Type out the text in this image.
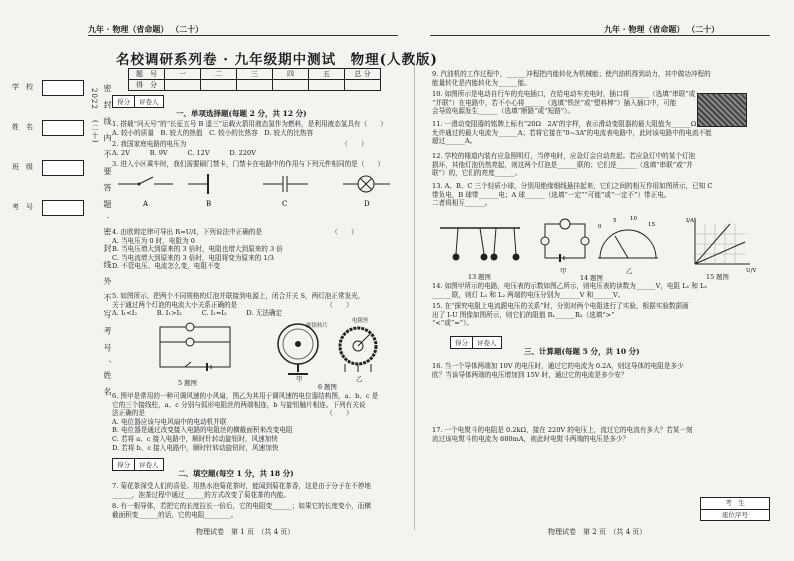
九年 · 物理（省命题） （二十）	九年 · 物理（省命题） （二十）
学　校
姓　名
班　级
考　号
2022
(二十) 密 封 线 内 不 要 答 题 · 密 封 线 外 不 写 考 号 、姓 名
名校调研系列卷 · 九年级期中测试　物理(人教版)
题　号	一	二	三	四	五	总 分
得　分						
得分	评卷人
一、单项选择题(每题 2 分，共 12 分)
1. 搭载“问天号”的“长征五号 B 遥三”运载火箭用液态氢作为燃料，是利用液态氢具有（　　）
A. 较小的质量　B. 较大的热值　C. 较小的比热容　D. 较大的比热容
2. 我国家庭电路的电压为　　　　　　　　　　　　　　　　　　　　　　　　（　　）
A. 2V　　　B. 9V　　　C. 12V　　　D. 220V
3. 进入小区乘车时，我们需要刷门禁卡，门禁卡在电路中的作用与下列元件相同的是（　　）
A	B	C	D
4. 由欧姆定律可导出 R=U/I，下列说法中正确的是　　　　　　　　　　　（　　）
A. 当电压为 0 时，电阻为 0
B. 当电压增大到原来的 3 倍时，电阻也增大到原来的 3 倍
C. 当电流增大到原来的 3 倍时，电阻将变为原来的 1/3
D. 不管电压、电流怎么变，电阻不变
5. 如图所示，把两个不同规格的灯泡并联接到电源上，闭合开关 S，两灯泡正常发光，
关于通过两个灯泡的电流大小关系正确的是　　　　　　　　　　　　　　（　　）
A. I₁<I₂　　　B. I₁>I₂　　　C. I₁=I₂　　　D. 无法确定
5 题图
旋钮转片
电阻丝
甲	乙
6 题图
6. 图甲是常用的一种可调风速的小风扇，图乙为其用于调风速的电位器结构图，a、b、c 是
它的三个接线柱，a、c 分别与弧形电阻丝的两端相连，b 与旋钮触片相连。下列有关说
法正确的是　　　　　　　　　　　　　　　　　　　　　　　　　　　　（　　）
A. 电位器应该与电风扇中的电动机并联
B. 电位器是通过改变接入电路的电阻丝的横截面积来改变电阻
C. 若将 a、c 接入电路中，顺时针转动旋钮时，风速加快
D. 若将 b、c 接入电路中，顺时针转动旋钮时，风速加快
得分	评卷人
二、填空题(每空 1 分，共 18 分)
7. 菊花茶深受人们的喜爱。用热水泡菊花茶时，能闻到菊花茶香，这是由于分子在不停地
______，泡茶过程中通过______的方式改变了菊花茶的内能。
8. 有一根导体，若把它的长度拉长一倍后，它的电阻变______；如果它的长度变小，而横
截面积变______的话，它的电阻________。
物理试卷　第 1 页　（共 4 页）
9. 汽油机的工作过程中，______冲程把内能转化为机械能；使汽油机得到动力，其中做功冲程的
能量转化是内能转化为______能。
10. 如图所示是电动自行车的充电插口，在给电动车充电时，插口将______（选填“串联”或
“并联”）在电路中，若不小心将______（选填“铁丝”或“塑料棒”）插入插口中，可能
会导致电源发生______（选填“断路”或“短路”）。
11. 一滑动变阻器的铭牌上标有“20Ω　2A”的字样，表示滑动变阻器的最大阻值为______Ω，
允许通过的最大电流为______A；若将它接在“0~3A”的电流表电路中，此时该电路中的电流不能
超过______A。
12. 学校的楼道内装有应急照明灯，当停电时，应急灯会自动亮起。若应急灯中的某个灯泡
损坏，其他灯泡仍然亮起，则这两个灯泡是______联的；它们是______（选填“串联”或“并
联”）的，它们的亮度______。
13. A、B、C 三个轻质小球，分别用绝缘细线悬挂起来，它们之间的相互作用如图所示，已知 C
带负电，B 球带______电；A 球______（选填“一定”“可能”或“一定不”）带正电。
二者将相互______。
0
5 10
15
I/A
U/V
13 题图
甲	乙
14 题图	15 题图
14. 如图甲所示的电路，电压表的示数如图乙所示，则电压表的读数为______V，电阻 L₁ 和 L₂
______联，则灯 L₁ 和 L₂ 两端的电压分别为______V 和______V。
15. 在“探究电阻上电流跟电压的关系”时，分别对两个电阻进行了实验，根据实验数据画
出了 I-U 图像如图所示，则它们的阻值 R₁______R₂（选填“>”
“<”或“=”）。
得分	评卷人
三、计算题(每题 5 分，共 10 分)
16. 当一个导体两端加 10V 的电压时，通过它的电流为 0.2A，则这导体的电阻是多少
欧？当该导体两端的电压增加到 15V 时，通过它的电流是多少安？
17. 一个电熨斗的电阻是 0.2kΩ，接在 220V 的电压上，流过它的电流有多大？若某一刻
流过该电熨斗的电流为 880mA，则此时电熨斗两端的电压是多少？
考　生
座位序号
物理试卷　第 2 页　（共 4 页）
